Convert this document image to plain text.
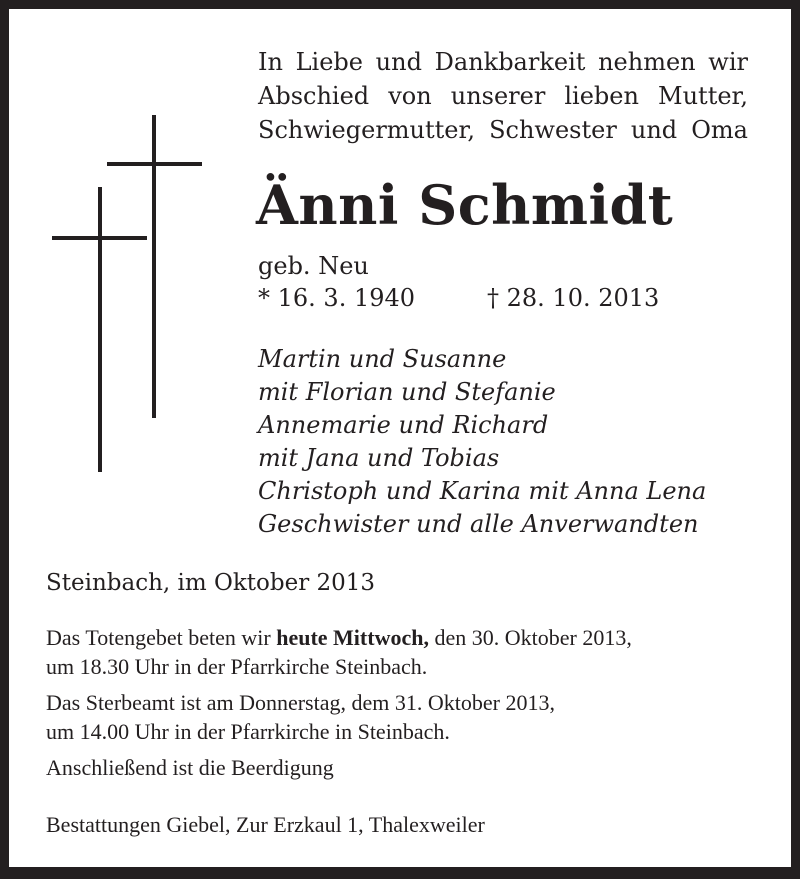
In Liebe und Dankbarkeit nehmen wir
Abschied von unserer lieben Mutter,
Schwiegermutter, Schwester und Oma
Änni Schmidt
geb. Neu
* 16. 3. 1940	† 28. 10. 2013
Martin und Susanne
mit Florian und Stefanie
Annemarie und Richard
mit Jana und Tobias
Christoph und Karina mit Anna Lena
Geschwister und alle Anverwandten
Steinbach, im Oktober 2013

Das Totengebet beten wir heute Mittwoch, den 30. Oktober 2013,
um 18.30 Uhr in der Pfarrkirche Steinbach.

Das Sterbeamt ist am Donnerstag, dem 31. Oktober 2013,
um 14.00 Uhr in der Pfarrkirche in Steinbach.

Anschließend ist die Beerdigung

Bestattungen Giebel, Zur Erzkaul 1, Thalexweiler
